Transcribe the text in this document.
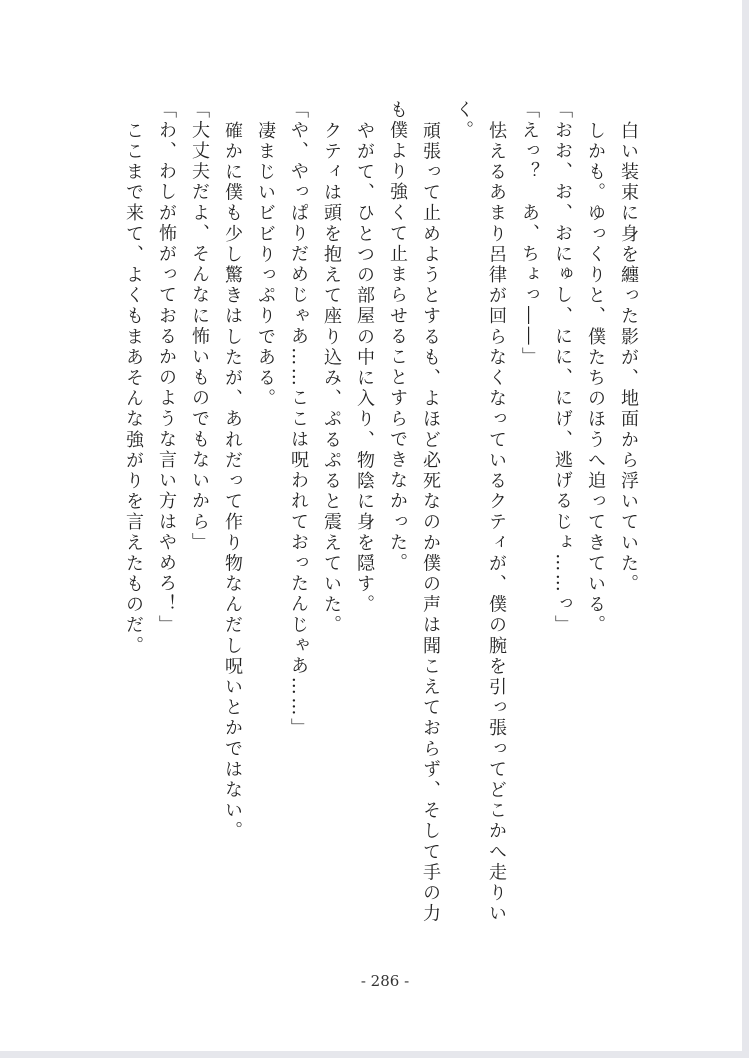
白い装束に身を纏った影が、地面から浮いていた。
しかも。ゆっくりと、僕たちのほうへ迫ってきている。
「おお、お、おにゅし、にに、にげ、逃げるじょ……っ」
「えっ？　あ、ちょっ――」
怯えるあまり呂律が回らなくなっているクティが、僕の腕を引っ張ってどこかへ走りい
く。
頑張って止めようとするも、よほど必死なのか僕の声は聞こえておらず、そして手の力
も僕より強くて止まらせることすらできなかった。
やがて、ひとつの部屋の中に入り、物陰に身を隠す。
クティは頭を抱えて座り込み、ぷるぷると震えていた。
「や、やっぱりだめじゃあ……ここは呪われておったんじゃあ……」
凄まじいビビりっぷりである。
確かに僕も少し驚きはしたが、あれだって作り物なんだし呪いとかではない。
「大丈夫だよ、そんなに怖いものでもないから」
「わ、わしが怖がっておるかのような言い方はやめろ！」
ここまで来て、よくもまあそんな強がりを言えたものだ。
- 286 -
